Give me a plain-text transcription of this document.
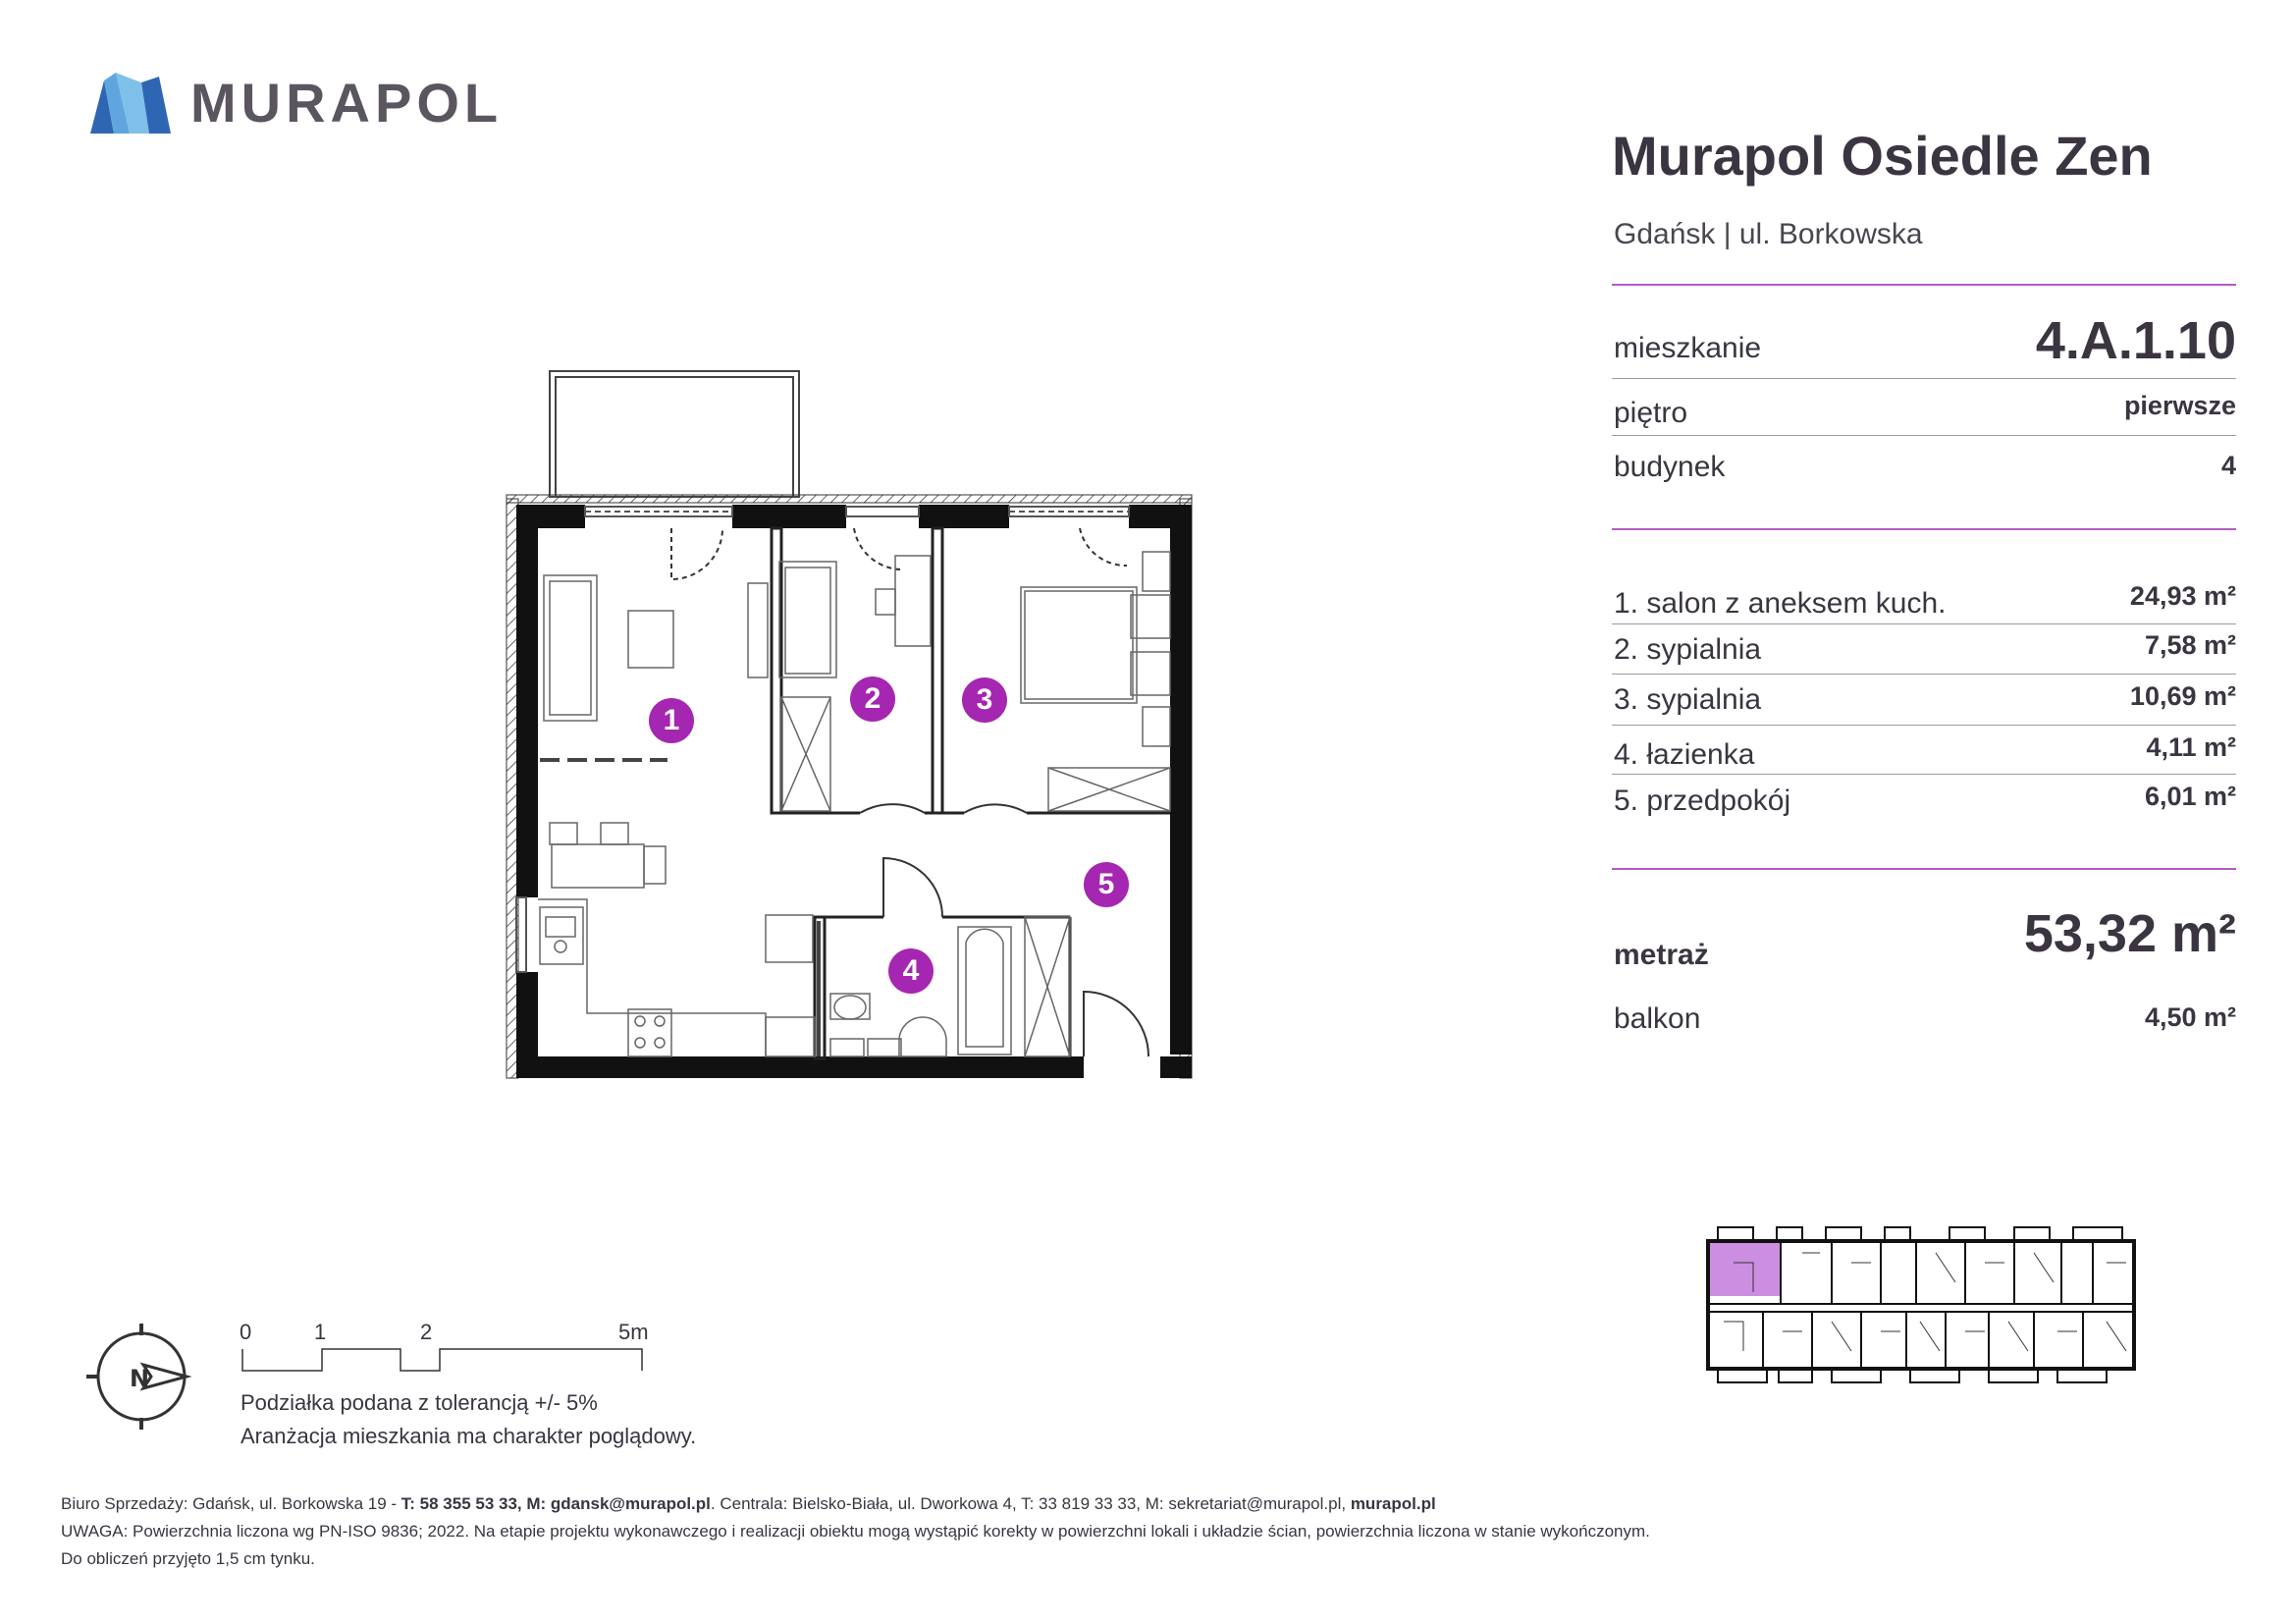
MURAPOL
1
2	3
4
5
Murapol Osiedle Zen
Gdańsk | ul. Borkowska
mieszkanie	4.A.1.10
piętro	pierwsze
budynek	4
1. salon z aneksem kuch.	24,93 m²
2. sypialnia	7,58 m²
3. sypialnia	10,69 m²
4. łazienka	4,11 m²
5. przedpokój	6,01 m²
metraż	53,32 m²
balkon	4,50 m²
N
0	1	2	5m
Podziałka podana z tolerancją +/- 5%
Aranżacja mieszkania ma charakter poglądowy.
Biuro Sprzedaży: Gdańsk, ul. Borkowska 19 - T: 58 355 53 33, M: gdansk@murapol.pl. Centrala: Bielsko-Biała, ul. Dworkowa 4, T: 33 819 33 33, M: sekretariat@murapol.pl, murapol.pl
UWAGA: Powierzchnia liczona wg PN-ISO 9836; 2022. Na etapie projektu wykonawczego i realizacji obiektu mogą wystąpić korekty w powierzchni lokali i układzie ścian, powierzchnia liczona w stanie wykończonym.
Do obliczeń przyjęto 1,5 cm tynku.
